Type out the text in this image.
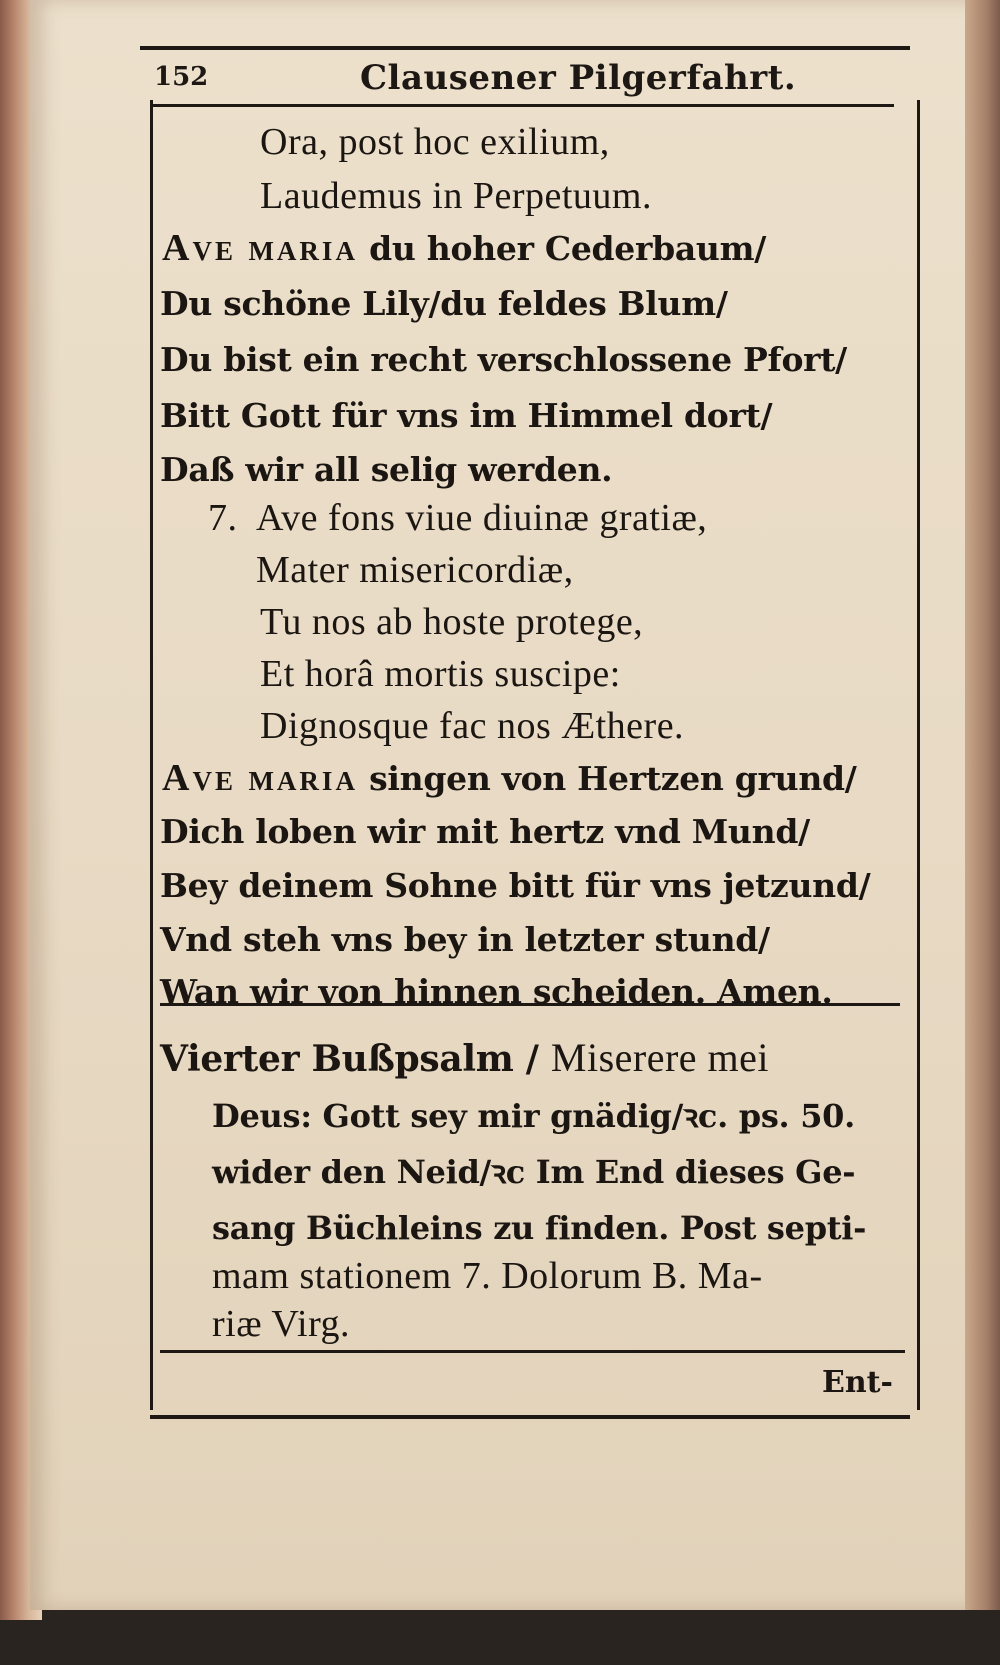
152	Clausener Pilgerfahrt.
Ora, post hoc exilium,
Laudemus in Perpetuum.
Ave maria du hoher Cederbaum/
Du schöne Lily/du feldes Blum/
Du bist ein recht verschlossene Pfort/
Bitt Gott für vns im Himmel dort/
Daß wir all selig werden.
7. Ave fons viue diuinæ gratiæ,
Mater misericordiæ,
Tu nos ab hoste protege,
Et horâ mortis suscipe:
Dignosque fac nos Æthere.
Ave maria singen von Hertzen grund/
Dich loben wir mit hertz vnd Mund/
Bey deinem Sohne bitt für vns jetzund/
Vnd steh vns bey in letzter stund/
Wan wir von hinnen scheiden. Amen.
Vierter Bußpsalm / Miserere mei
Deus: Gott sey mir gnädig/ꝛc. ps. 50.
wider den Neid/ꝛc Im End dieses Ge-
sang Büchleins zu finden. Post septi-
mam stationem 7. Dolorum B. Ma-
riæ Virg.
Ent-
